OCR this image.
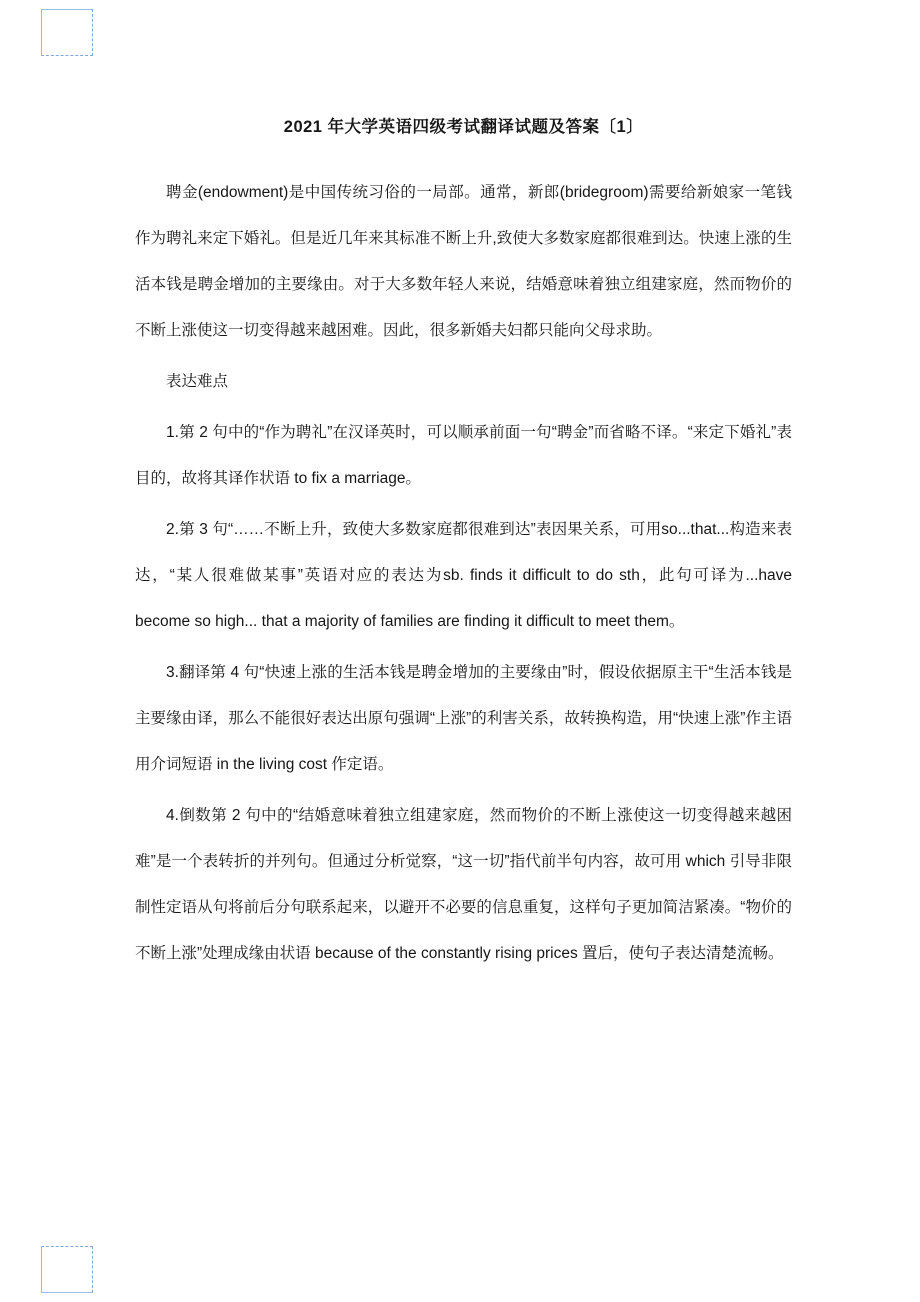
2021 年大学英语四级考试翻译试题及答案〔1〕

聘金(endowment)是中国传统习俗的一局部。通常，新郎(bridegroom)需要给新娘家一笔钱作为聘礼来定下婚礼。但是近几年来其标准不断上升,致使大多数家庭都很难到达。快速上涨的生活本钱是聘金增加的主要缘由。对于大多数年轻人来说，结婚意味着独立组建家庭，然而物价的不断上涨使这一切变得越来越困难。因此，很多新婚夫妇都只能向父母求助。

表达难点

1.第 2 句中的“作为聘礼”在汉译英时，可以顺承前面一句“聘金”而省略不译。“来定下婚礼”表目的，故将其译作状语 to fix a marriage。

2.第 3 句“……不断上升，致使大多数家庭都很难到达”表因果关系，可用so...that...构造来表达，“某人很难做某事”英语对应的表达为sb. finds it difficult to do sth，此句可译为...have become so high... that a majority of families are finding it difficult to meet them。

3.翻译第 4 句“快速上涨的生活本钱是聘金增加的主要缘由”时，假设依据原主干“生活本钱是主要缘由译，那么不能很好表达出原句强调“上涨”的利害关系，故转换构造，用“快速上涨”作主语用介词短语 in the living cost 作定语。

4.倒数第 2 句中的“结婚意味着独立组建家庭，然而物价的不断上涨使这一切变得越来越困难”是一个表转折的并列句。但通过分析觉察，“这一切”指代前半句内容，故可用 which 引导非限制性定语从句将前后分句联系起来，以避开不必要的信息重复，这样句子更加简洁紧凑。“物价的不断上涨”处理成缘由状语 because of the constantly rising prices 置后，使句子表达清楚流畅。
